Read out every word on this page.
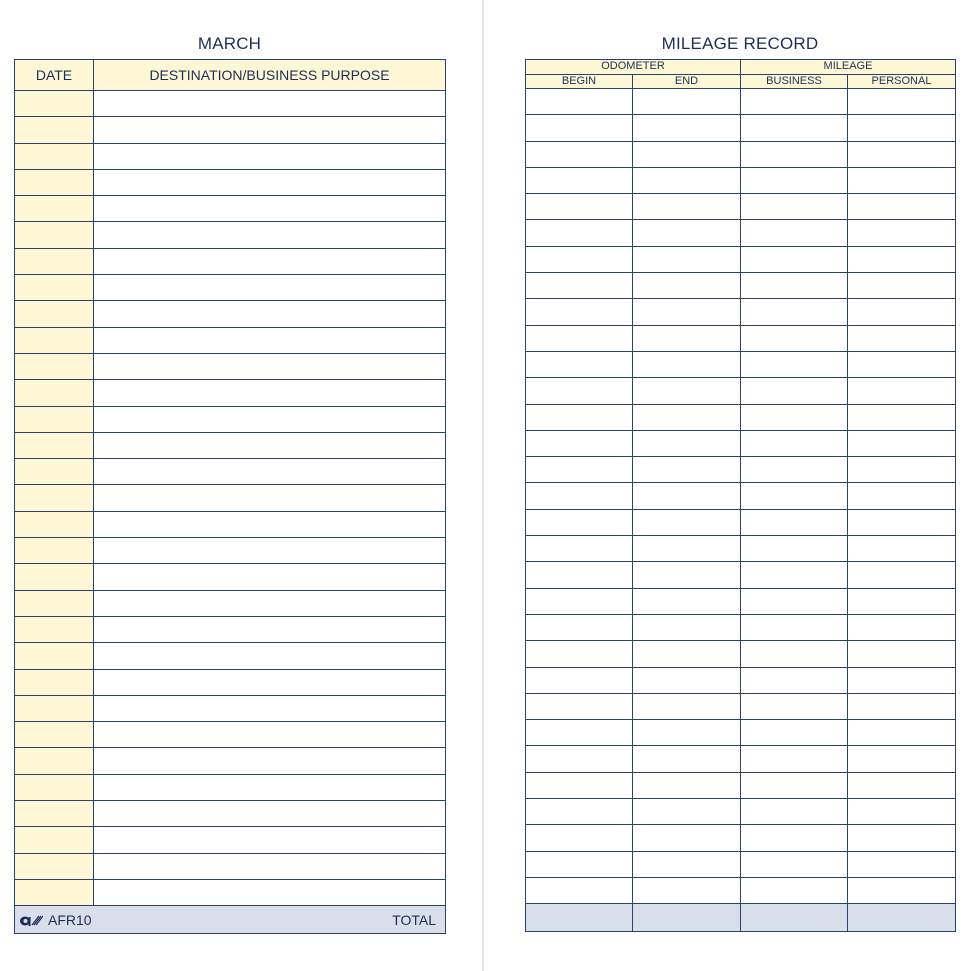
MARCH
DATE	DESTINATION/BUSINESS PURPOSE

AFR10 TOTAL	
MILEAGE RECORD
ODOMETER		MILEAGE	
BEGIN	END	BUSINESS	PERSONAL
